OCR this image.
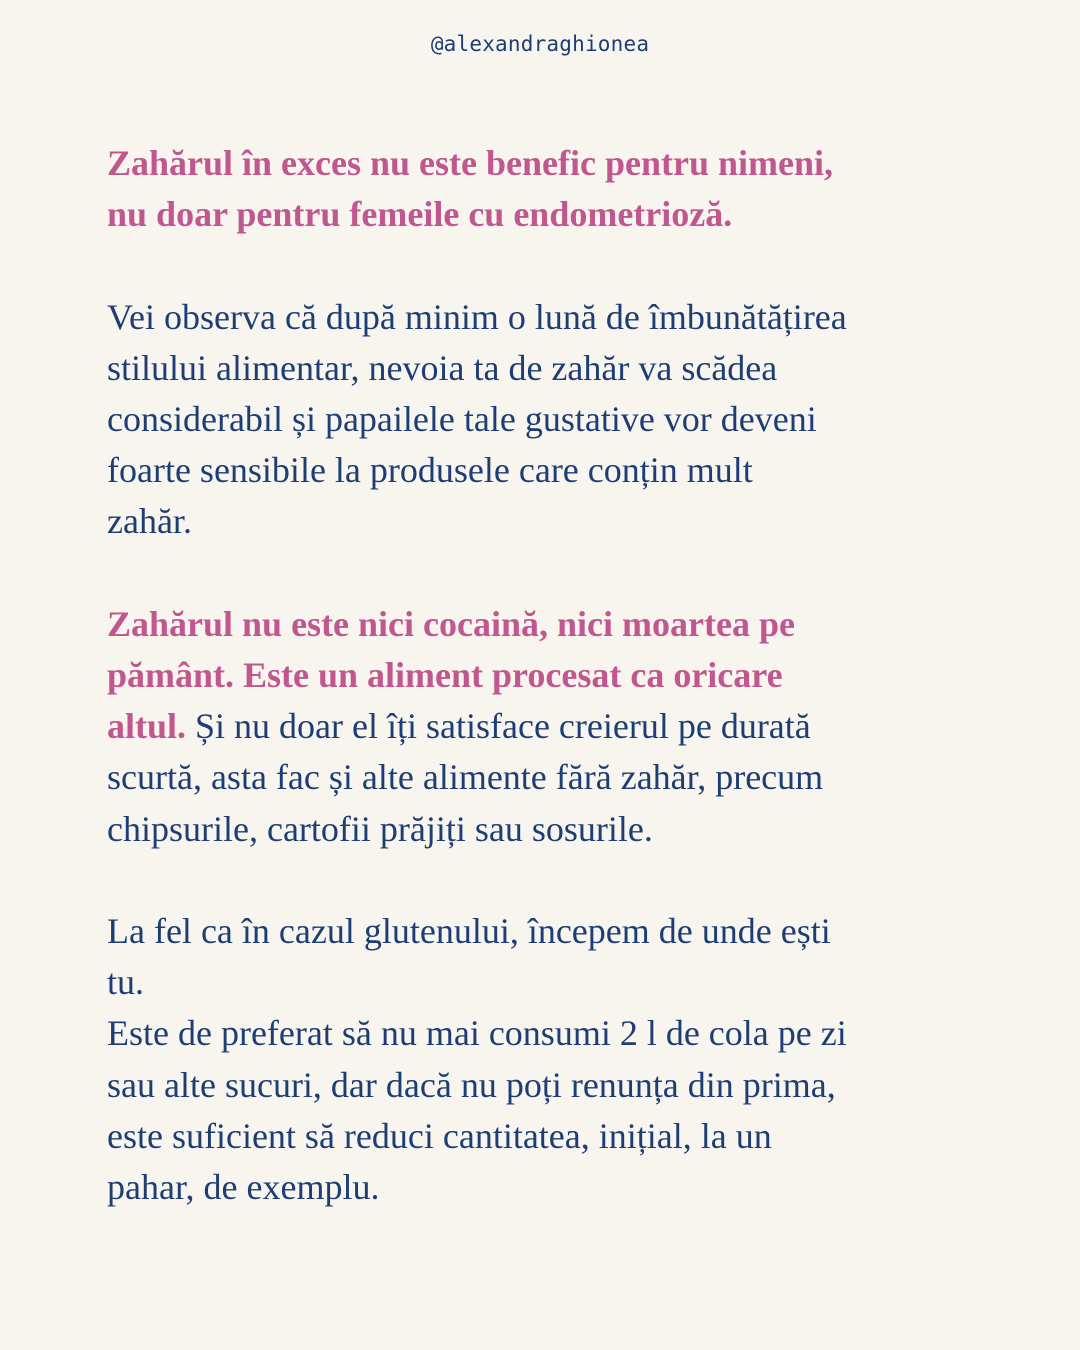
@alexandraghionea

Zahărul în exces nu este benefic pentru nimeni,
nu doar pentru femeile cu endometrioză.

Vei observa că după minim o lună de îmbunătățirea
stilului alimentar, nevoia ta de zahăr va scădea
considerabil și papailele tale gustative vor deveni
foarte sensibile la produsele care conțin mult
zahăr.

Zahărul nu este nici cocaină, nici moartea pe
pământ. Este un aliment procesat ca oricare
altul. Și nu doar el îți satisface creierul pe durată
scurtă, asta fac și alte alimente fără zahăr, precum
chipsurile, cartofii prăjiți sau sosurile.

La fel ca în cazul glutenului, începem de unde ești
tu.

Este de preferat să nu mai consumi 2 l de cola pe zi
sau alte sucuri, dar dacă nu poți renunța din prima,
este suficient să reduci cantitatea, inițial, la un
pahar, de exemplu.
